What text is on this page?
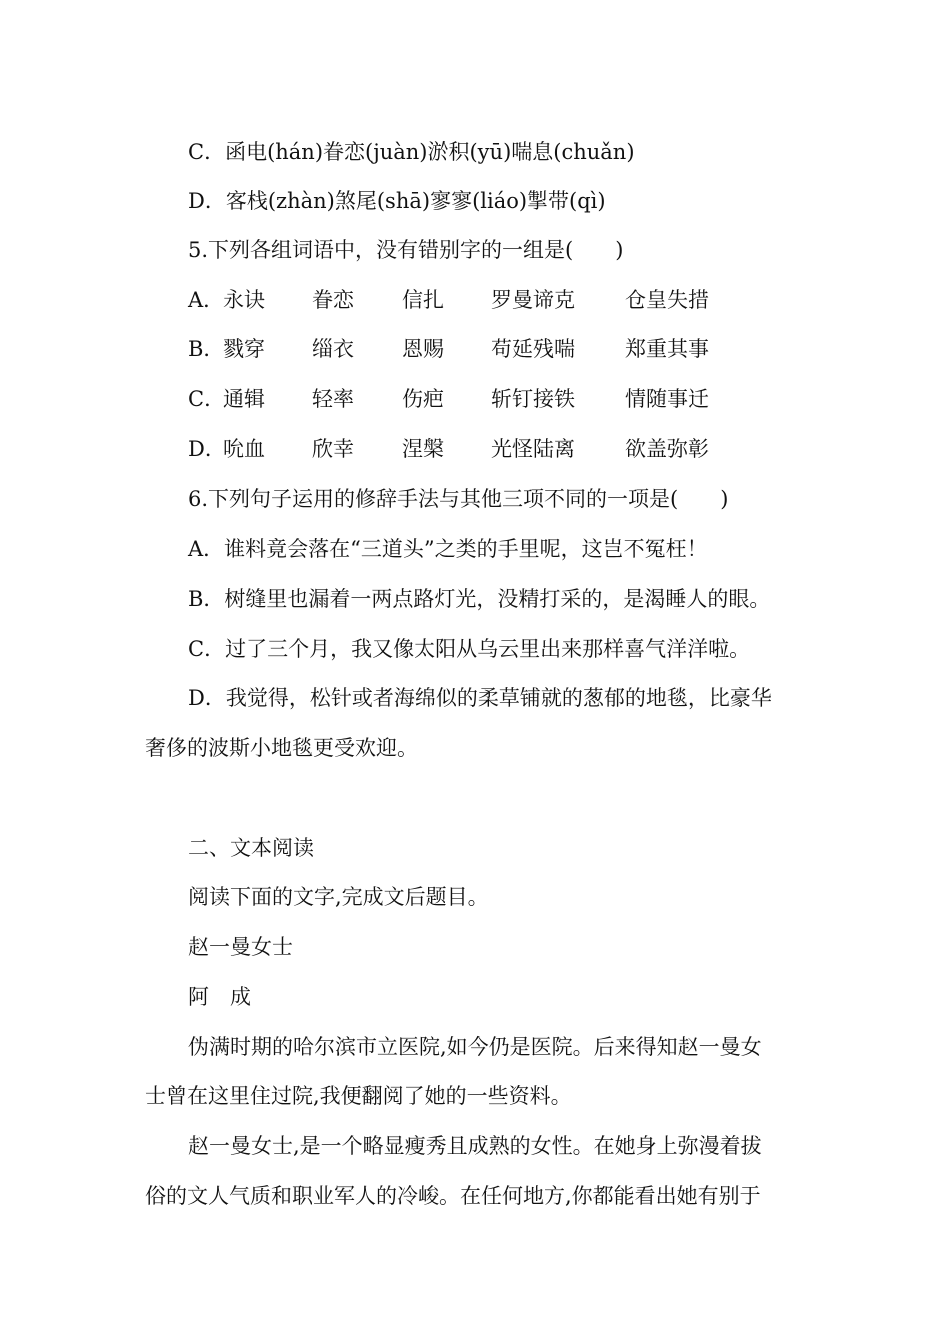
C．函电(hán)眷恋(juàn)淤积(yū)喘息(chuǎn)
D．客栈(zhàn)煞尾(shā)寥寥(liáo)掣带(qì)
5.下列各组词语中，没有错别字的一组是(　　)
A．
永诀 眷恋 信扎 罗曼谛克 仓皇失措
B．
戮穿 缁衣 恩赐 苟延残喘 郑重其事
C．
通辑 轻率 伤疤 斩钉接铁 情随事迁
D．
吮血 欣幸 涅槃 光怪陆离 欲盖弥彰
6.下列句子运用的修辞手法与其他三项不同的一项是(　　)
A．谁料竟会落在“三道头”之类的手里呢，这岂不冤枉！
B．树缝里也漏着一两点路灯光，没精打采的，是渴睡人的眼。
C．过了三个月，我又像太阳从乌云里出来那样喜气洋洋啦。
D．我觉得，松针或者海绵似的柔草铺就的葱郁的地毯，比豪华
奢侈的波斯小地毯更受欢迎。
二、文本阅读
阅读下面的文字,完成文后题目。
赵一曼女士
阿　成
伪满时期的哈尔滨市立医院,如今仍是医院。后来得知赵一曼女
士曾在这里住过院,我便翻阅了她的一些资料。
赵一曼女士,是一个略显瘦秀且成熟的女性。在她身上弥漫着拔
俗的文人气质和职业军人的冷峻。在任何地方,你都能看出她有别于
